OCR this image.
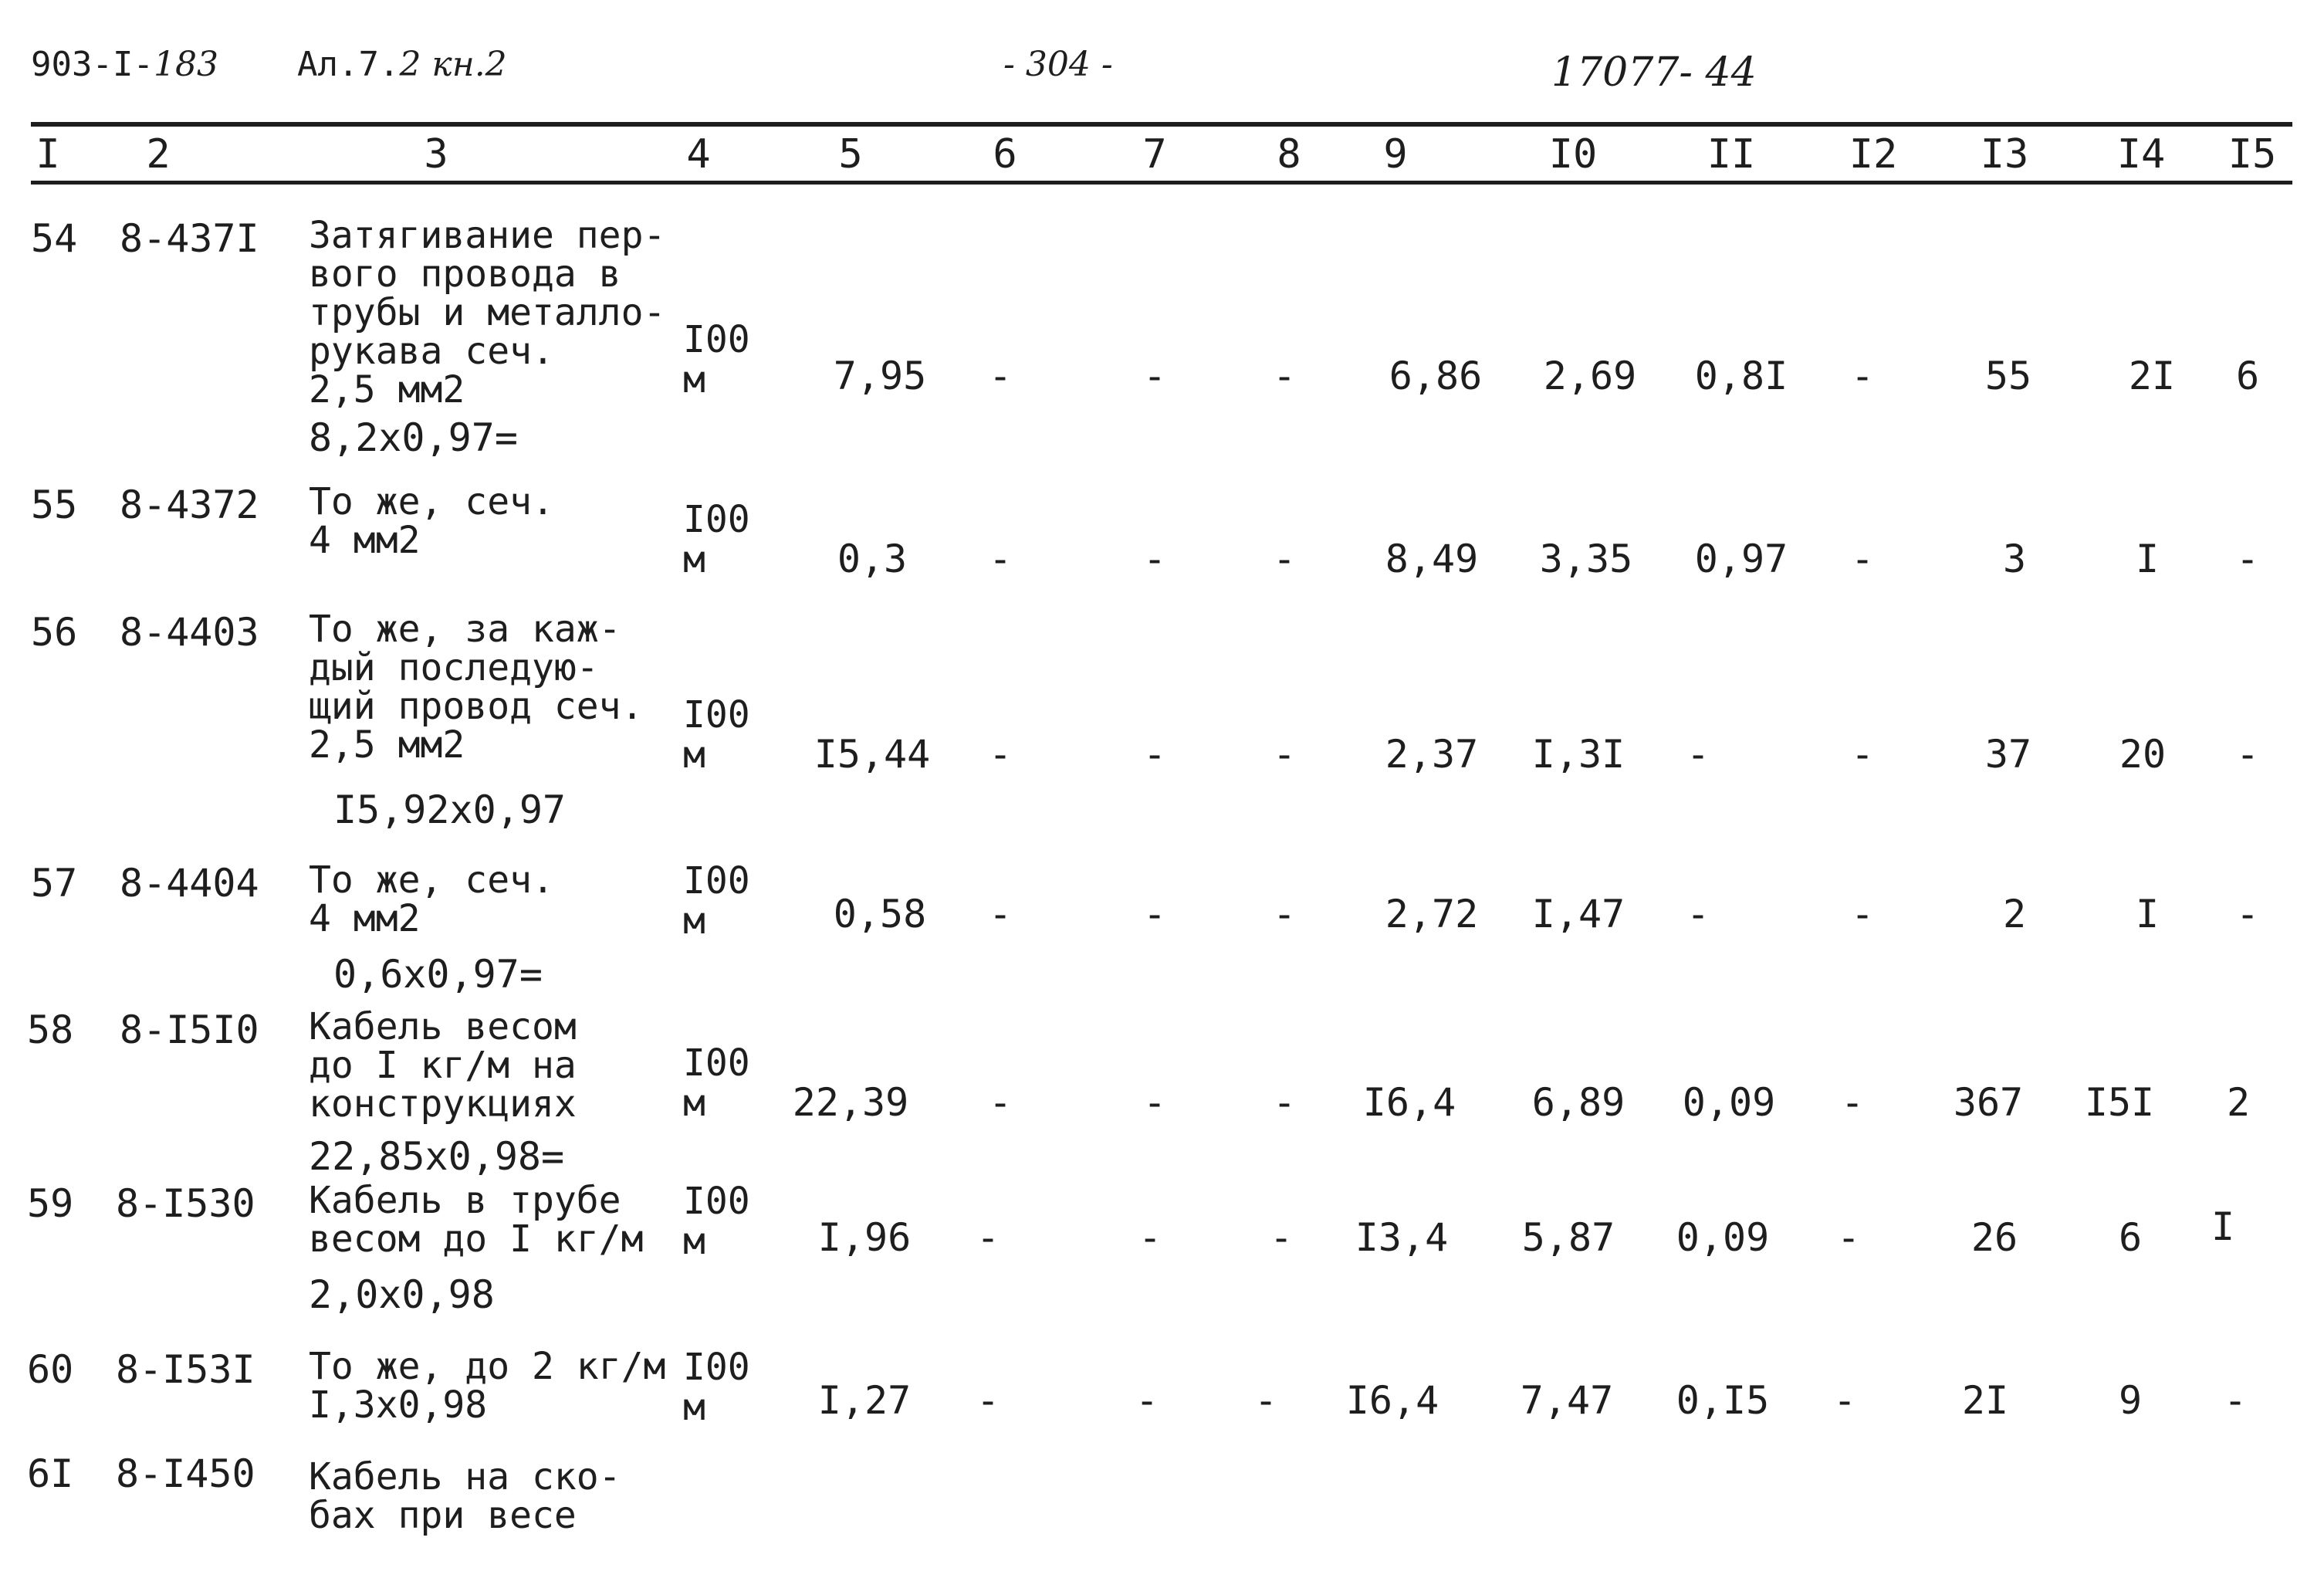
903-I-183 Ал.7.2 кн.2	- 304 -	17077- 44
I 2	3	4	5	6	7	8 9	I0	II I2 I3 I4 I5
54 8-437I Затягивание пер-
вого провода в
трубы и металло-
рукава сеч.
2,5 мм2
8,2x0,97=
I00
м	7,95 -	-	- 6,86 2,69 0,8I -	55	2I 6
55 8-4372 То же, сеч.
4 мм2	I00
м	0,3 -	-	- 8,49 3,35 0,97 -	3	I -
56 8-4403 То же, за каж-
дый последую-
щий провод сеч.
2,5 мм2
I5,92x0,97
I00
м	I5,44 -	-	- 2,37 I,3I -	-	37 20 -
57 8-4404 То же, сеч.
4 мм2
0,6x0,97=
I00
м	0,58 -	-	- 2,72 I,47 -	-	2	I -
58 8-I5I0 Кабель весом
до I кг/м на
конструкциях
22,85x0,98=
I00
м	22,39 -	-	- I6,4 6,89 0,09 - 367 I5I 2
59 8-I530 Кабель в трубе
весом до I кг/м
2,0x0,98
I00
м	I,96 -	-	- I3,4 5,87 0,09 -	26	6 I
60 8-I53I То же, до 2 кг/м
I,3x0,98
I00
м	I,27 -	- - I6,4 7,47 0,I5 -	2I	9 -
6I 8-I450 Кабель на ско-
бах при весе
